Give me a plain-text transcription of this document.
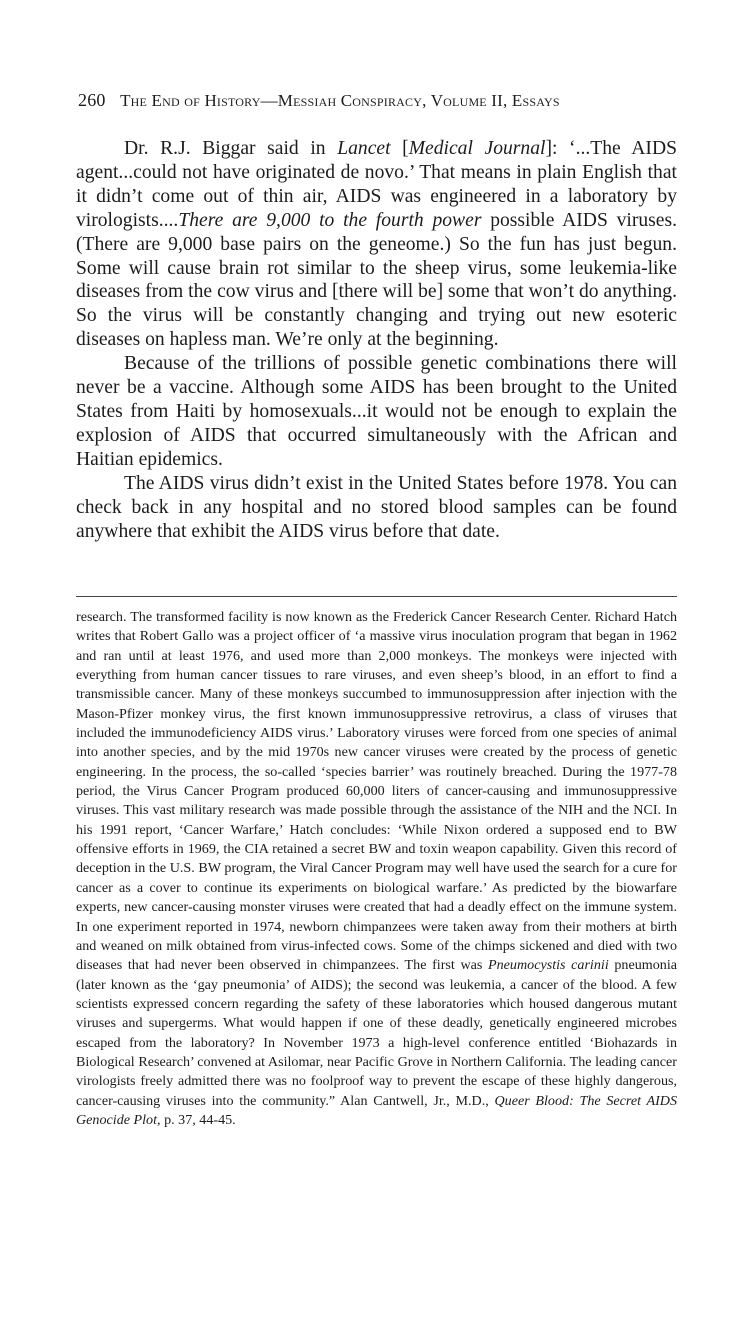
260 The End of History—Messiah Conspiracy, Volume II, Essays

Dr. R.J. Biggar said in Lancet [Medical Journal]: ‘...The AIDS agent...could not have originated de novo.’ That means in plain English that it didn’t come out of thin air, AIDS was engineered in a laboratory by virologists....There are 9,000 to the fourth power possible AIDS viruses. (There are 9,000 base pairs on the geneome.) So the fun has just begun. Some will cause brain rot similar to the sheep virus, some leukemia-like diseases from the cow virus and [there will be] some that won’t do anything. So the virus will be constantly changing and trying out new esoteric diseases on hapless man. We’re only at the beginning.

Because of the trillions of possible genetic combinations there will never be a vaccine. Although some AIDS has been brought to the United States from Haiti by homosexuals...it would not be enough to explain the explosion of AIDS that occurred simultaneously with the African and Haitian epidemics.

The AIDS virus didn’t exist in the United States before 1978. You can check back in any hospital and no stored blood samples can be found anywhere that exhibit the AIDS virus before that date.

research. The transformed facility is now known as the Frederick Cancer Research Center. Richard Hatch writes that Robert Gallo was a project officer of ‘a massive virus inoculation program that began in 1962 and ran until at least 1976, and used more than 2,000 monkeys. The monkeys were injected with everything from human cancer tissues to rare viruses, and even sheep’s blood, in an effort to find a transmissible cancer. Many of these monkeys succumbed to immunosuppression after injection with the Mason-Pfizer monkey virus, the first known immunosuppressive retrovirus, a class of viruses that included the immunodeficiency AIDS virus.’ Laboratory viruses were forced from one species of animal into another species, and by the mid 1970s new cancer viruses were created by the process of genetic engineering. In the process, the so-called ‘species barrier’ was routinely breached. During the 1977-78 period, the Virus Cancer Program produced 60,000 liters of cancer-causing and immunosuppressive viruses. This vast military research was made possible through the assistance of the NIH and the NCI. In his 1991 report, ‘Cancer Warfare,’ Hatch concludes: ‘While Nixon ordered a supposed end to BW offensive efforts in 1969, the CIA retained a secret BW and toxin weapon capability. Given this record of deception in the U.S. BW program, the Viral Cancer Program may well have used the search for a cure for cancer as a cover to continue its experiments on biological warfare.’ As predicted by the biowarfare experts, new cancer-causing monster viruses were created that had a deadly effect on the immune system. In one experiment reported in 1974, newborn chimpanzees were taken away from their mothers at birth and weaned on milk obtained from virus-infected cows. Some of the chimps sickened and died with two diseases that had never been observed in chimpanzees. The first was Pneumocystis carinii pneumonia (later known as the ‘gay pneumonia’ of AIDS); the second was leukemia, a cancer of the blood. A few scientists expressed concern regarding the safety of these laboratories which housed dangerous mutant viruses and supergerms. What would happen if one of these deadly, genetically engineered microbes escaped from the laboratory? In November 1973 a high-level conference entitled ‘Biohazards in Biological Research’ convened at Asilomar, near Pacific Grove in Northern California. The leading cancer virologists freely admitted there was no foolproof way to prevent the escape of these highly dangerous, cancer-causing viruses into the community.” Alan Cantwell, Jr., M.D., Queer Blood: The Secret AIDS Genocide Plot, p. 37, 44-45.
